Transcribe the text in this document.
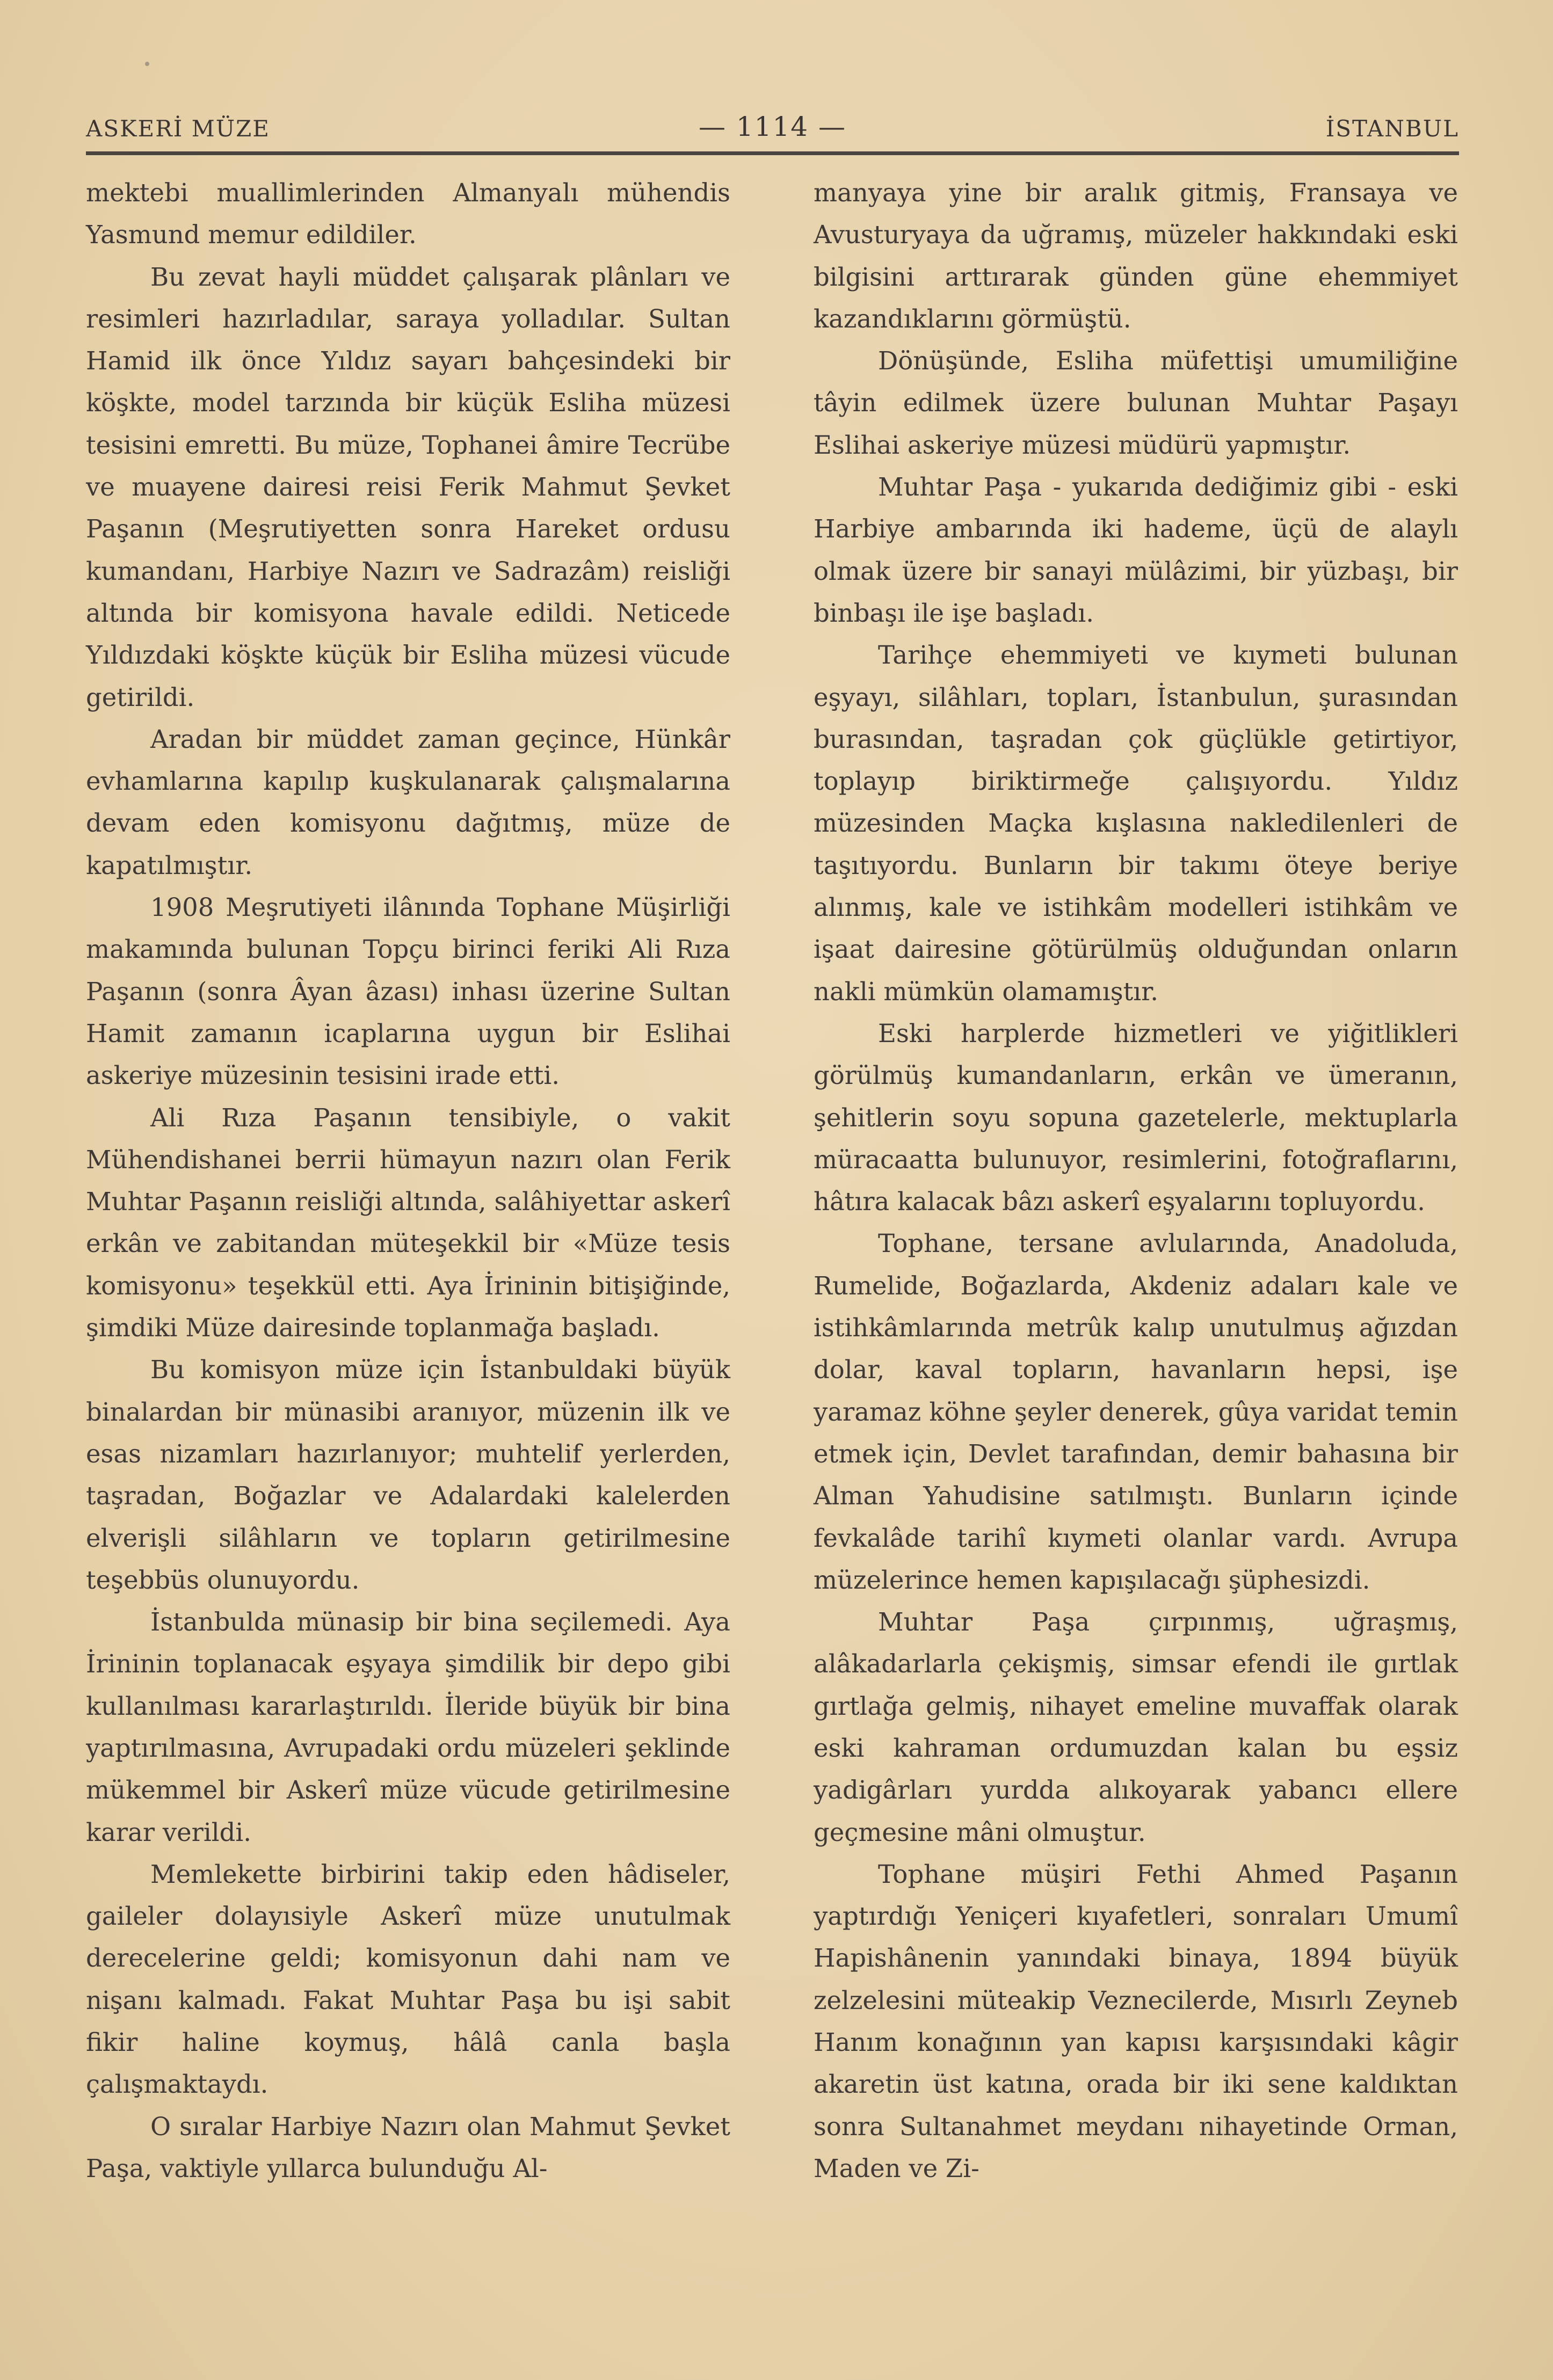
ASKERİ MÜZE	— 1114 —	İSTANBUL

mektebi muallimlerinden Almanyalı mühendis Yasmund memur edildiler.

Bu zevat hayli müddet çalışarak plânları ve resimleri hazırladılar, saraya yolladılar. Sultan Hamid ilk önce Yıldız sayarı bahçesindeki bir köşkte, model tarzında bir küçük Esliha müzesi tesisini emretti. Bu müze, Tophanei âmire Tecrübe ve muayene dairesi reisi Ferik Mahmut Şevket Paşanın (Meşrutiyetten sonra Hareket ordusu kumandanı, Harbiye Nazırı ve Sadrazâm) reisliği altında bir komisyona havale edildi. Neticede Yıldızdaki köşkte küçük bir Esliha müzesi vücude getirildi.

Aradan bir müddet zaman geçince, Hünkâr evhamlarına kapılıp kuşkulanarak çalışmalarına devam eden komisyonu dağıtmış, müze de kapatılmıştır.

1908 Meşrutiyeti ilânında Tophane Müşirliği makamında bulunan Topçu birinci feriki Ali Rıza Paşanın (sonra Âyan âzası) inhası üzerine Sultan Hamit zamanın icaplarına uygun bir Eslihai askeriye müzesinin tesisini irade etti.

Ali Rıza Paşanın tensibiyle, o vakit Mühendishanei berrii hümayun nazırı olan Ferik Muhtar Paşanın reisliği altında, salâhiyettar askerî erkân ve zabitandan müteşekkil bir «Müze tesis komisyonu» teşekkül etti. Aya İrininin bitişiğinde, şimdiki Müze dairesinde toplanmağa başladı.

Bu komisyon müze için İstanbuldaki büyük binalardan bir münasibi aranıyor, müzenin ilk ve esas nizamları hazırlanıyor; muhtelif yerlerden, taşradan, Boğazlar ve Adalardaki kalelerden elverişli silâhların ve topların getirilmesine teşebbüs olunuyordu.

İstanbulda münasip bir bina seçilemedi. Aya İrininin toplanacak eşyaya şimdilik bir depo gibi kullanılması kararlaştırıldı. İleride büyük bir bina yaptırılmasına, Avrupadaki ordu müzeleri şeklinde mükemmel bir Askerî müze vücude getirilmesine karar verildi.

Memlekette birbirini takip eden hâdiseler, gaileler dolayısiyle Askerî müze unutulmak derecelerine geldi; komisyonun dahi nam ve nişanı kalmadı. Fakat Muhtar Paşa bu işi sabit fikir haline koymuş, hâlâ canla başla çalışmaktaydı.

O sıralar Harbiye Nazırı olan Mahmut Şevket Paşa, vaktiyle yıllarca bulunduğu Al-

manyaya yine bir aralık gitmiş, Fransaya ve Avusturyaya da uğramış, müzeler hakkındaki eski bilgisini arttırarak günden güne ehemmiyet kazandıklarını görmüştü.

Dönüşünde, Esliha müfettişi umumiliğine tâyin edilmek üzere bulunan Muhtar Paşayı Eslihai askeriye müzesi müdürü yapmıştır.

Muhtar Paşa - yukarıda dediğimiz gibi - eski Harbiye ambarında iki hademe, üçü de alaylı olmak üzere bir sanayi mülâzimi, bir yüzbaşı, bir binbaşı ile işe başladı.

Tarihçe ehemmiyeti ve kıymeti bulunan eşyayı, silâhları, topları, İstanbulun, şurasından burasından, taşradan çok güçlükle getirtiyor, toplayıp biriktirmeğe çalışıyordu. Yıldız müzesinden Maçka kışlasına nakledilenleri de taşıtıyordu. Bunların bir takımı öteye beriye alınmış, kale ve istihkâm modelleri istihkâm ve işaat dairesine götürülmüş olduğundan onların nakli mümkün olamamıştır.

Eski harplerde hizmetleri ve yiğitlikleri görülmüş kumandanların, erkân ve ümeranın, şehitlerin soyu sopuna gazetelerle, mektuplarla müracaatta bulunuyor, resimlerini, fotoğraflarını, hâtıra kalacak bâzı askerî eşyalarını topluyordu.

Tophane, tersane avlularında, Anadoluda, Rumelide, Boğazlarda, Akdeniz adaları kale ve istihkâmlarında metrûk kalıp unutulmuş ağızdan dolar, kaval topların, havanların hepsi, işe yaramaz köhne şeyler denerek, gûya varidat temin etmek için, Devlet tarafından, demir bahasına bir Alman Yahudisine satılmıştı. Bunların içinde fevkalâde tarihî kıymeti olanlar vardı. Avrupa müzelerince hemen kapışılacağı şüphesizdi.

Muhtar Paşa çırpınmış, uğraşmış, alâkadarlarla çekişmiş, simsar efendi ile gırtlak gırtlağa gelmiş, nihayet emeline muvaffak olarak eski kahraman ordumuzdan kalan bu eşsiz yadigârları yurdda alıkoyarak yabancı ellere geçmesine mâni olmuştur.

Tophane müşiri Fethi Ahmed Paşanın yaptırdığı Yeniçeri kıyafetleri, sonraları Umumî Hapishânenin yanındaki binaya, 1894 büyük zelzelesini müteakip Veznecilerde, Mısırlı Zeyneb Hanım konağının yan kapısı karşısındaki kâgir akaretin üst katına, orada bir iki sene kaldıktan sonra Sultanahmet meydanı nihayetinde Orman, Maden ve Zi-
